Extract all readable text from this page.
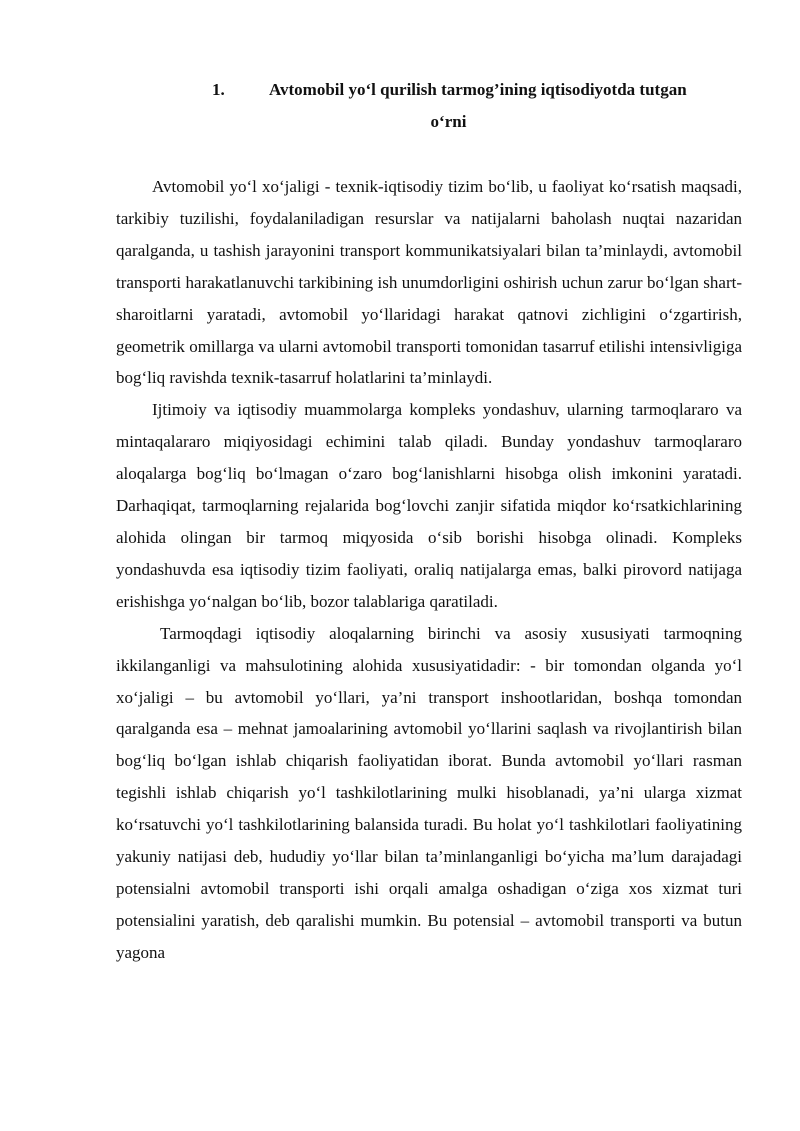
1.	Avtomobil yo‘l qurilish tarmog’ining iqtisodiyotda tutgan
o‘rni

Avtomobil yo‘l xo‘jaligi - texnik-iqtisodiy tizim bo‘lib, u faoliyat ko‘rsatish maqsadi, tarkibiy tuzilishi, foydalaniladigan resurslar va natijalarni baholash nuqtai nazaridan qaralganda, u tashish jarayonini transport kommunikatsiyalari bilan ta’minlaydi, avtomobil transporti harakatlanuvchi tarkibining ish unumdorligini oshirish uchun zarur bo‘lgan shart-sharoitlarni yaratadi, avtomobil yo‘llaridagi harakat qatnovi zichligini o‘zgartirish, geometrik omillarga va ularni avtomobil transporti tomonidan tasarruf etilishi intensivligiga bog‘liq ravishda texnik-tasarruf holatlarini ta’minlaydi.

Ijtimoiy va iqtisodiy muammolarga kompleks yondashuv, ularning tarmoqlararo va mintaqalararo miqiyosidagi echimini talab qiladi. Bunday yondashuv tarmoqlararo aloqalarga bog‘liq bo‘lmagan o‘zaro bog‘lanishlarni hisobga olish imkonini yaratadi. Darhaqiqat, tarmoqlarning rejalarida bog‘lovchi zanjir sifatida miqdor ko‘rsatkichlarining alohida olingan bir tarmoq miqyosida o‘sib borishi hisobga olinadi. Kompleks yondashuvda esa iqtisodiy tizim faoliyati, oraliq natijalarga emas, balki pirovord natijaga erishishga yo‘nalgan bo‘lib, bozor talablariga qaratiladi.

Tarmoqdagi iqtisodiy aloqalarning birinchi va asosiy xususiyati tarmoqning ikkilanganligi va mahsulotining alohida xususiyatidadir: - bir tomondan olganda yo‘l xo‘jaligi – bu avtomobil yo‘llari, ya’ni transport inshootlaridan, boshqa tomondan qaralganda esa – mehnat jamoalarining avtomobil yo‘llarini saqlash va rivojlantirish bilan bog‘liq bo‘lgan ishlab chiqarish faoliyatidan iborat. Bunda avtomobil yo‘llari rasman tegishli ishlab chiqarish yo‘l tashkilotlarining mulki hisoblanadi, ya’ni ularga xizmat ko‘rsatuvchi yo‘l tashkilotlarining balansida turadi. Bu holat yo‘l tashkilotlari faoliyatining yakuniy natijasi deb, hududiy yo‘llar bilan ta’minlanganligi bo‘yicha ma’lum darajadagi potensialni avtomobil transporti ishi orqali amalga oshadigan o‘ziga xos xizmat turi potensialini yaratish, deb qaralishi mumkin. Bu potensial – avtomobil transporti va butun yagona
